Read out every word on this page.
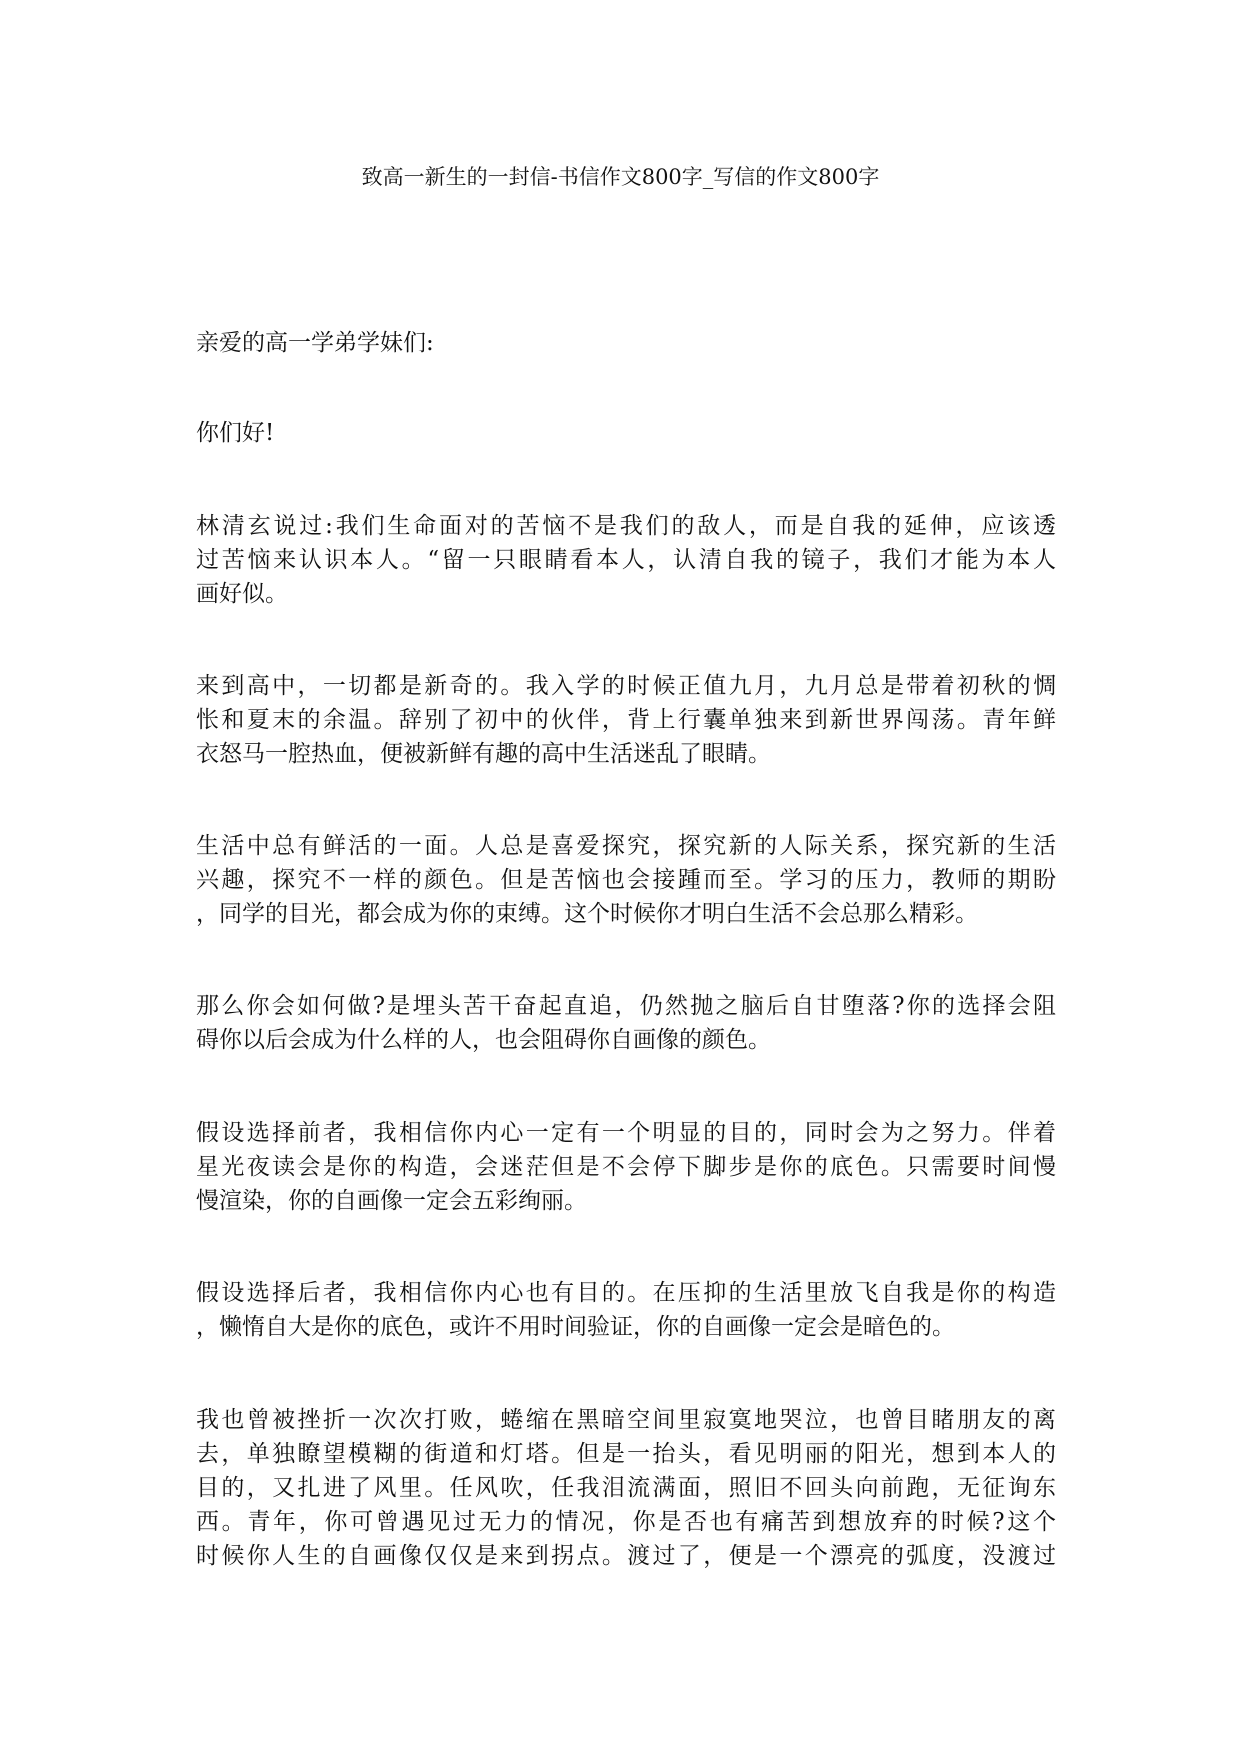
致高一新生的一封信-书信作文800字_写信的作文800字
亲爱的高一学弟学妹们:
你们好!
林清玄说过:我们生命面对的苦恼不是我们的敌人，而是自我的延伸，应该透
过苦恼来认识本人。“留一只眼睛看本人，认清自我的镜子，我们才能为本人
画好似。
来到高中，一切都是新奇的。我入学的时候正值九月，九月总是带着初秋的惆
怅和夏末的余温。辞别了初中的伙伴，背上行囊单独来到新世界闯荡。青年鲜
衣怒马一腔热血，便被新鲜有趣的高中生活迷乱了眼睛。
生活中总有鲜活的一面。人总是喜爱探究，探究新的人际关系，探究新的生活
兴趣，探究不一样的颜色。但是苦恼也会接踵而至。学习的压力，教师的期盼
，同学的目光，都会成为你的束缚。这个时候你才明白生活不会总那么精彩。
那么你会如何做?是埋头苦干奋起直追，仍然抛之脑后自甘堕落?你的选择会阻
碍你以后会成为什么样的人，也会阻碍你自画像的颜色。
假设选择前者，我相信你内心一定有一个明显的目的，同时会为之努力。伴着
星光夜读会是你的构造，会迷茫但是不会停下脚步是你的底色。只需要时间慢
慢渲染，你的自画像一定会五彩绚丽。
假设选择后者，我相信你内心也有目的。在压抑的生活里放飞自我是你的构造
，懒惰自大是你的底色，或许不用时间验证，你的自画像一定会是暗色的。
我也曾被挫折一次次打败，蜷缩在黑暗空间里寂寞地哭泣，也曾目睹朋友的离
去，单独瞭望模糊的街道和灯塔。但是一抬头，看见明丽的阳光，想到本人的
目的，又扎进了风里。任风吹，任我泪流满面，照旧不回头向前跑，无征询东
西。青年，你可曾遇见过无力的情况，你是否也有痛苦到想放弃的时候?这个
时候你人生的自画像仅仅是来到拐点。渡过了，便是一个漂亮的弧度，没渡过
